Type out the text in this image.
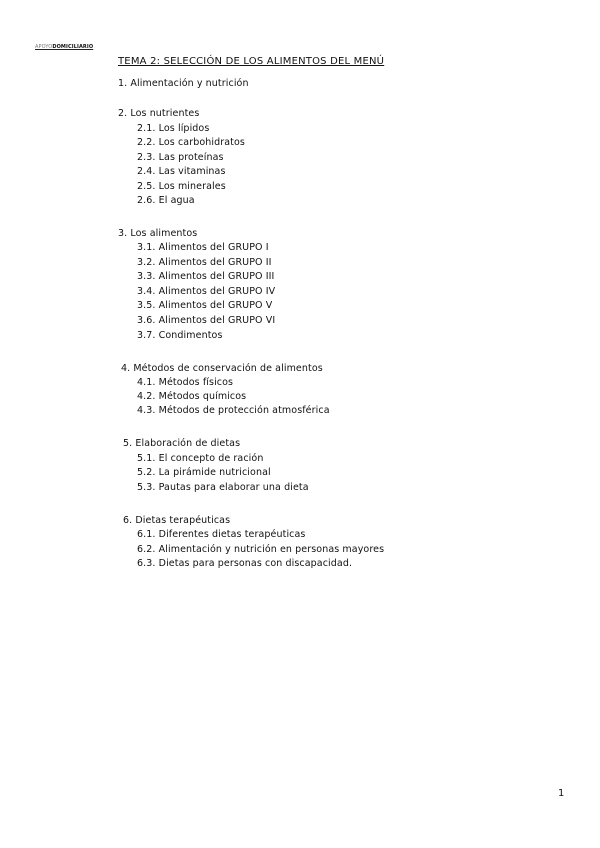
APOYODOMICILIARIO
TEMA 2: SELECCIÓN DE LOS ALIMENTOS DEL MENÚ
1. Alimentación y nutrición
2. Los nutrientes
2.1. Los lípidos
2.2. Los carbohidratos
2.3. Las proteínas
2.4. Las vitaminas
2.5. Los minerales
2.6. El agua
3. Los alimentos
3.1. Alimentos del GRUPO I
3.2. Alimentos del GRUPO II
3.3. Alimentos del GRUPO III
3.4. Alimentos del GRUPO IV
3.5. Alimentos del GRUPO V
3.6. Alimentos del GRUPO VI
3.7. Condimentos
4. Métodos de conservación de alimentos
4.1. Métodos físicos
4.2. Métodos químicos
4.3. Métodos de protección atmosférica
5. Elaboración de dietas
5.1. El concepto de ración
5.2. La pirámide nutricional
5.3. Pautas para elaborar una dieta
6. Dietas terapéuticas
6.1. Diferentes dietas terapéuticas
6.2. Alimentación y nutrición en personas mayores
6.3. Dietas para personas con discapacidad.
1
